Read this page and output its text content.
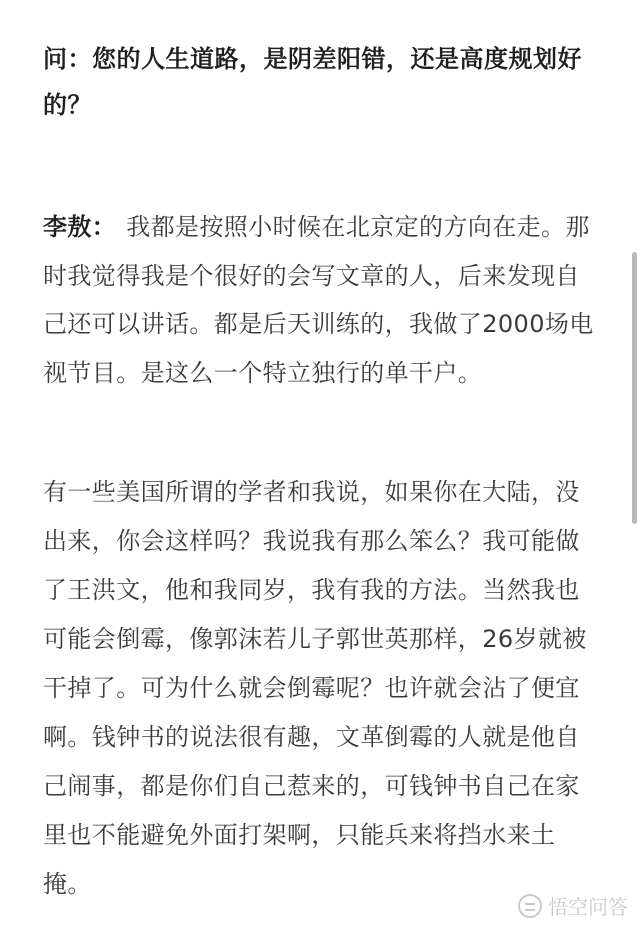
问：您的人生道路，是阴差阳错，还是高度规划好的？
李敖： 我都是按照小时候在北京定的方向在走。那时我觉得我是个很好的会写文章的人，后来发现自己还可以讲话。都是后天训练的，我做了2000场电视节目。是这么一个特立独行的单干户。
有一些美国所谓的学者和我说，如果你在大陆，没出来，你会这样吗？我说我有那么笨么？我可能做了王洪文，他和我同岁，我有我的方法。当然我也可能会倒霉，像郭沫若儿子郭世英那样，26岁就被干掉了。可为什么就会倒霉呢？也许就会沾了便宜啊。钱钟书的说法很有趣，文革倒霉的人就是他自己闹事，都是你们自己惹来的，可钱钟书自己在家里也不能避免外面打架啊，只能兵来将挡水来土掩。
悟空问答
